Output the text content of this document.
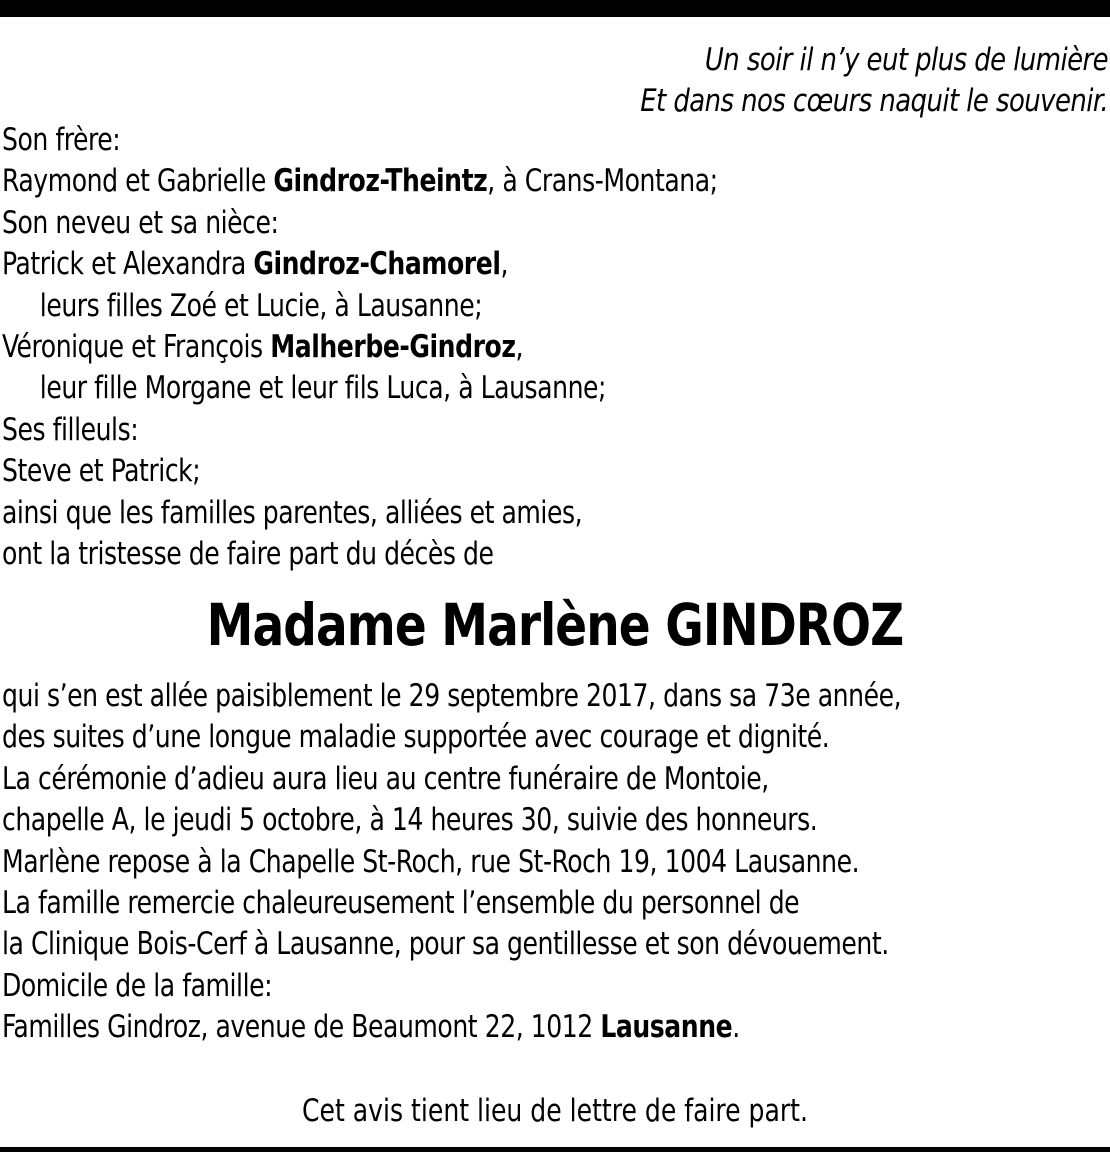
Un soir il n’y eut plus de lumière
Et dans nos cœurs naquit le souvenir.
Son frère:
Raymond et Gabrielle Gindroz-Theintz, à Crans-Montana;
Son neveu et sa nièce:
Patrick et Alexandra Gindroz-Chamorel,
leurs filles Zoé et Lucie, à Lausanne;
Véronique et François Malherbe-Gindroz,
leur fille Morgane et leur fils Luca, à Lausanne;
Ses filleuls:
Steve et Patrick;
ainsi que les familles parentes, alliées et amies,
ont la tristesse de faire part du décès de
Madame Marlène GINDROZ
qui s’en est allée paisiblement le 29 septembre 2017, dans sa 73e année,
des suites d’une longue maladie supportée avec courage et dignité.
La cérémonie d’adieu aura lieu au centre funéraire de Montoie,
chapelle A, le jeudi 5 octobre, à 14 heures 30, suivie des honneurs.
Marlène repose à la Chapelle St-Roch, rue St-Roch 19, 1004 Lausanne.
La famille remercie chaleureusement l’ensemble du personnel de
la Clinique Bois-Cerf à Lausanne, pour sa gentillesse et son dévouement.
Domicile de la famille:
Familles Gindroz, avenue de Beaumont 22, 1012 Lausanne.
Cet avis tient lieu de lettre de faire part.
